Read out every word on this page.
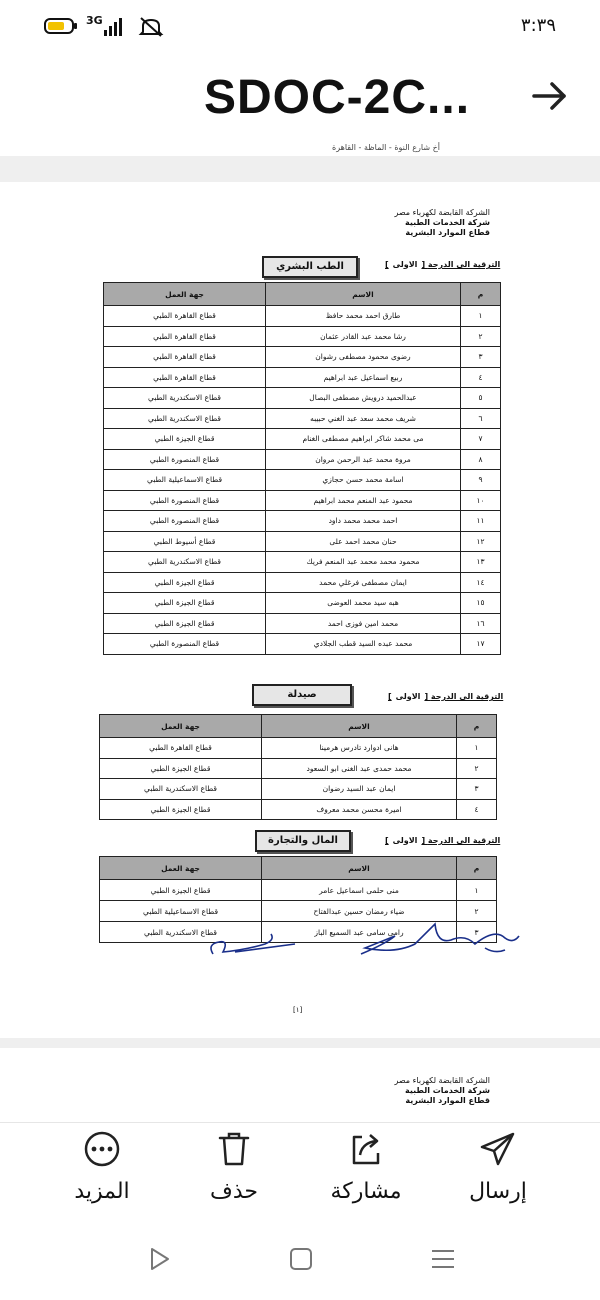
3G	٣:٣٩
SDOC-2C...
أخ شارع النوة - الماظة - القاهرة
الشركة القابضة لكهرباء مصر
شركة الخدمات الطبية
قطاع الموارد البشرية
الطب البشري	الترقية الى الدرجة [الاولى]
م	الاسم	جهة العمل
١	طارق احمد محمد حافظ	قطاع القاهرة الطبي
٢	رشا محمد عبد القادر عثمان	قطاع القاهرة الطبي
٣	رضوى محمود مصطفى رشوان	قطاع القاهرة الطبي
٤	ربيع اسماعيل عبد ابراهيم	قطاع القاهرة الطبي
٥	عبدالحميد درويش مصطفى البصال	قطاع الاسكندرية الطبي
٦	شريف محمد سعد عبد الغني حبيبه	قطاع الاسكندرية الطبي
٧	مى محمد شاكر ابراهيم مصطفى الغنام	قطاع الجيزة الطبي
٨	مروة محمد عبد الرحمن مروان	قطاع المنصورة الطبي
٩	اسامة محمد حسن حجازي	قطاع الاسماعيلية الطبي
١٠	محمود عبد المنعم محمد ابراهيم	قطاع المنصورة الطبي
١١	احمد محمد محمد داود	قطاع المنصورة الطبي
١٢	حنان محمد احمد على	قطاع أسيوط الطبي
١٣	محمود محمد محمد عبد المنعم فريك	قطاع الاسكندرية الطبي
١٤	ايمان مصطفى فرغلي محمد	قطاع الجيزة الطبي
١٥	هبه سيد محمد العوضى	قطاع الجيزة الطبي
١٦	محمد امين فوزى احمد	قطاع الجيزة الطبي
١٧	محمد عبده السيد قطب الجلادي	قطاع المنصورة الطبي
صيدلة	الترقية الى الدرجة [الاولى]
م	الاسم	جهة العمل
١	هانى ادوارد تادرس هرمينا	قطاع القاهرة الطبي
٢	محمد حمدى عبد الغنى ابو السعود	قطاع الجيزة الطبي
٣	ايمان عبد السيد رضوان	قطاع الاسكندرية الطبي
٤	اميرة محسن محمد معروف	قطاع الجيزة الطبي
المال والتجارة	الترقية الى الدرجة [الاولى]
م	الاسم	جهة العمل
١	منى حلمى اسماعيل عامر	قطاع الجيزة الطبي
٢	ضياء رمضان حسين عبدالفتاح	قطاع الاسماعيلية الطبي
٣	رامى سامى عبد السميع الباز	قطاع الاسكندرية الطبي
[١]
الشركة القابضة لكهرباء مصر
شركة الخدمات الطبية
قطاع الموارد البشرية
المزيد	حذف	مشاركة	إرسال
